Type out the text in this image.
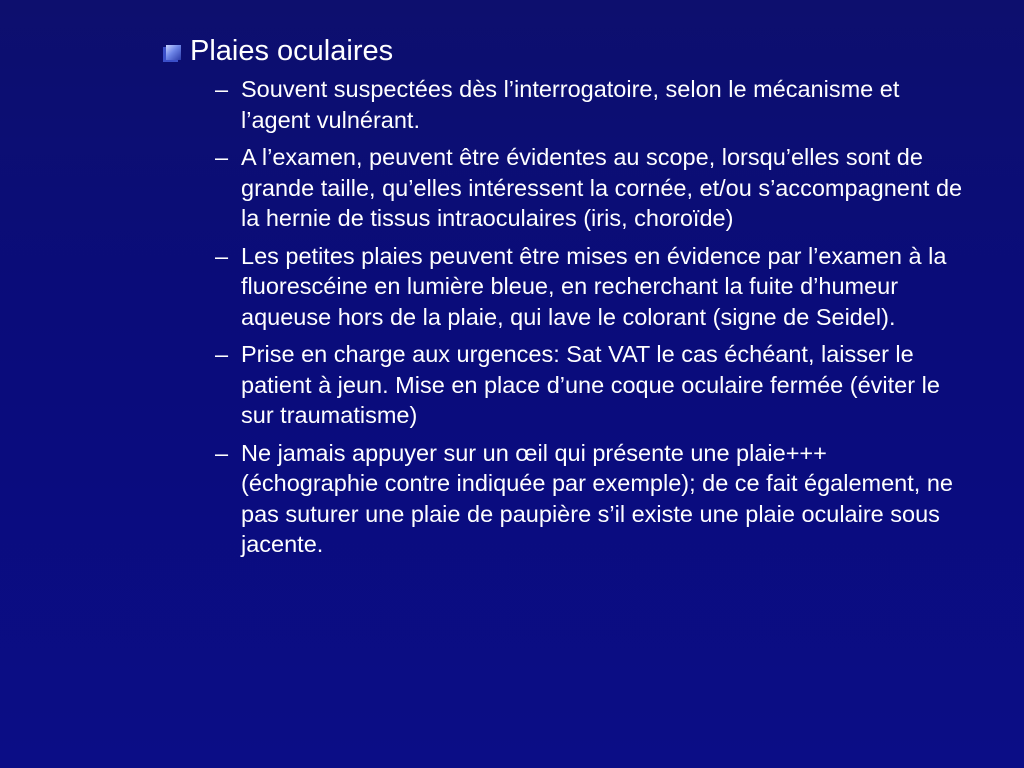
Plaies oculaires
– Souvent suspectées dès l’interrogatoire, selon le mécanisme et l’agent vulnérant.
– A l’examen, peuvent être évidentes au scope, lorsqu’elles sont de grande taille, qu’elles intéressent la cornée, et/ou s’accompagnent de la hernie de tissus intraoculaires (iris, choroïde)
– Les petites plaies peuvent être mises en évidence par l’examen à la fluorescéine en lumière bleue, en recherchant la fuite d’humeur aqueuse hors de la plaie, qui lave le colorant (signe de Seidel).
– Prise en charge aux urgences: Sat VAT le cas échéant, laisser le patient à jeun. Mise en place d’une coque oculaire fermée (éviter le sur traumatisme)
– Ne jamais appuyer sur un œil qui présente une plaie+++ (échographie contre indiquée par exemple); de ce fait également, ne pas suturer une plaie de paupière s’il existe une plaie oculaire sous jacente.
